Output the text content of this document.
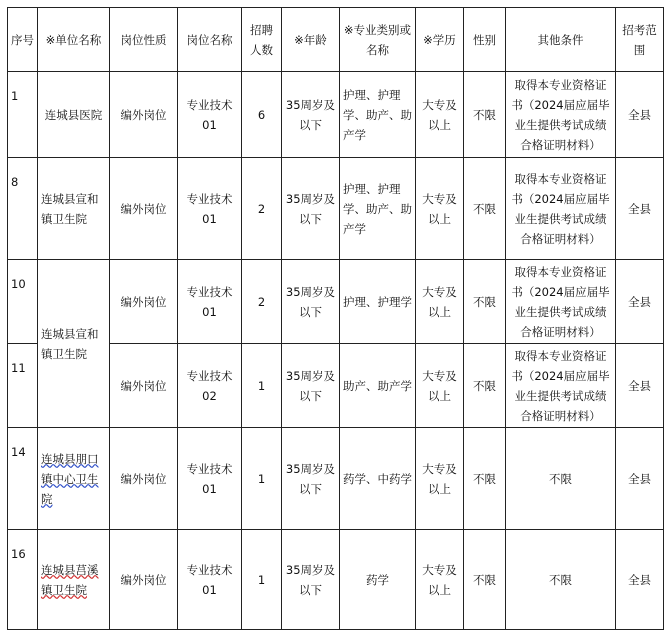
序号	※单位名称	岗位性质	岗位名称	招聘人数	※年龄	※专业类别或名称	※学历	性别	其他条件	招考范围
1	连城县医院	编外岗位	专业技术01	6	35周岁及以下	护理、护理学、助产、助产学	大专及以上	不限	取得本专业资格证书（2024届应届毕业生提供考试成绩合格证明材料）	全县
8	连城县宣和镇卫生院	编外岗位	专业技术01	2	35周岁及以下	护理、护理学、助产、助产学	大专及以上	不限	取得本专业资格证书（2024届应届毕业生提供考试成绩合格证明材料）	全县
10	连城县宣和镇卫生院	编外岗位	专业技术01	2	35周岁及以下	护理、护理学	大专及以上	不限	取得本专业资格证书（2024届应届毕业生提供考试成绩合格证明材料）	全县
11		编外岗位	专业技术02	1	35周岁及以下	助产、助产学	大专及以上	不限	取得本专业资格证书（2024届应届毕业生提供考试成绩合格证明材料）	全县
14	连城县朋口镇中心卫生院	编外岗位	专业技术01	1	35周岁及以下	药学、中药学	大专及以上	不限	不限	全县
16	连城县莒溪镇卫生院	编外岗位	专业技术01	1	35周岁及以下	药学	大专及以上	不限	不限	全县
